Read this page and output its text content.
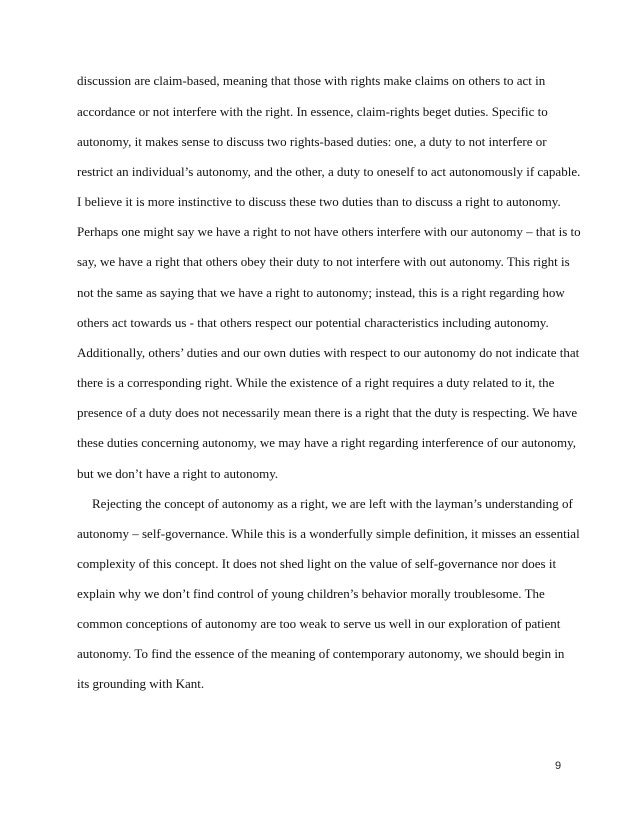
discussion are claim-based, meaning that those with rights make claims on others to act in
accordance or not interfere with the right. In essence, claim-rights beget duties. Specific to
autonomy, it makes sense to discuss two rights-based duties: one, a duty to not interfere or
restrict an individual’s autonomy, and the other, a duty to oneself to act autonomously if capable.
I believe it is more instinctive to discuss these two duties than to discuss a right to autonomy.
Perhaps one might say we have a right to not have others interfere with our autonomy – that is to
say, we have a right that others obey their duty to not interfere with out autonomy. This right is
not the same as saying that we have a right to autonomy; instead, this is a right regarding how
others act towards us - that others respect our potential characteristics including autonomy.
Additionally, others’ duties and our own duties with respect to our autonomy do not indicate that
there is a corresponding right. While the existence of a right requires a duty related to it, the
presence of a duty does not necessarily mean there is a right that the duty is respecting. We have
these duties concerning autonomy, we may have a right regarding interference of our autonomy,
but we don’t have a right to autonomy.
Rejecting the concept of autonomy as a right, we are left with the layman’s understanding of
autonomy – self-governance. While this is a wonderfully simple definition, it misses an essential
complexity of this concept. It does not shed light on the value of self-governance nor does it
explain why we don’t find control of young children’s behavior morally troublesome. The
common conceptions of autonomy are too weak to serve us well in our exploration of patient
autonomy. To find the essence of the meaning of contemporary autonomy, we should begin in
its grounding with Kant.
9
